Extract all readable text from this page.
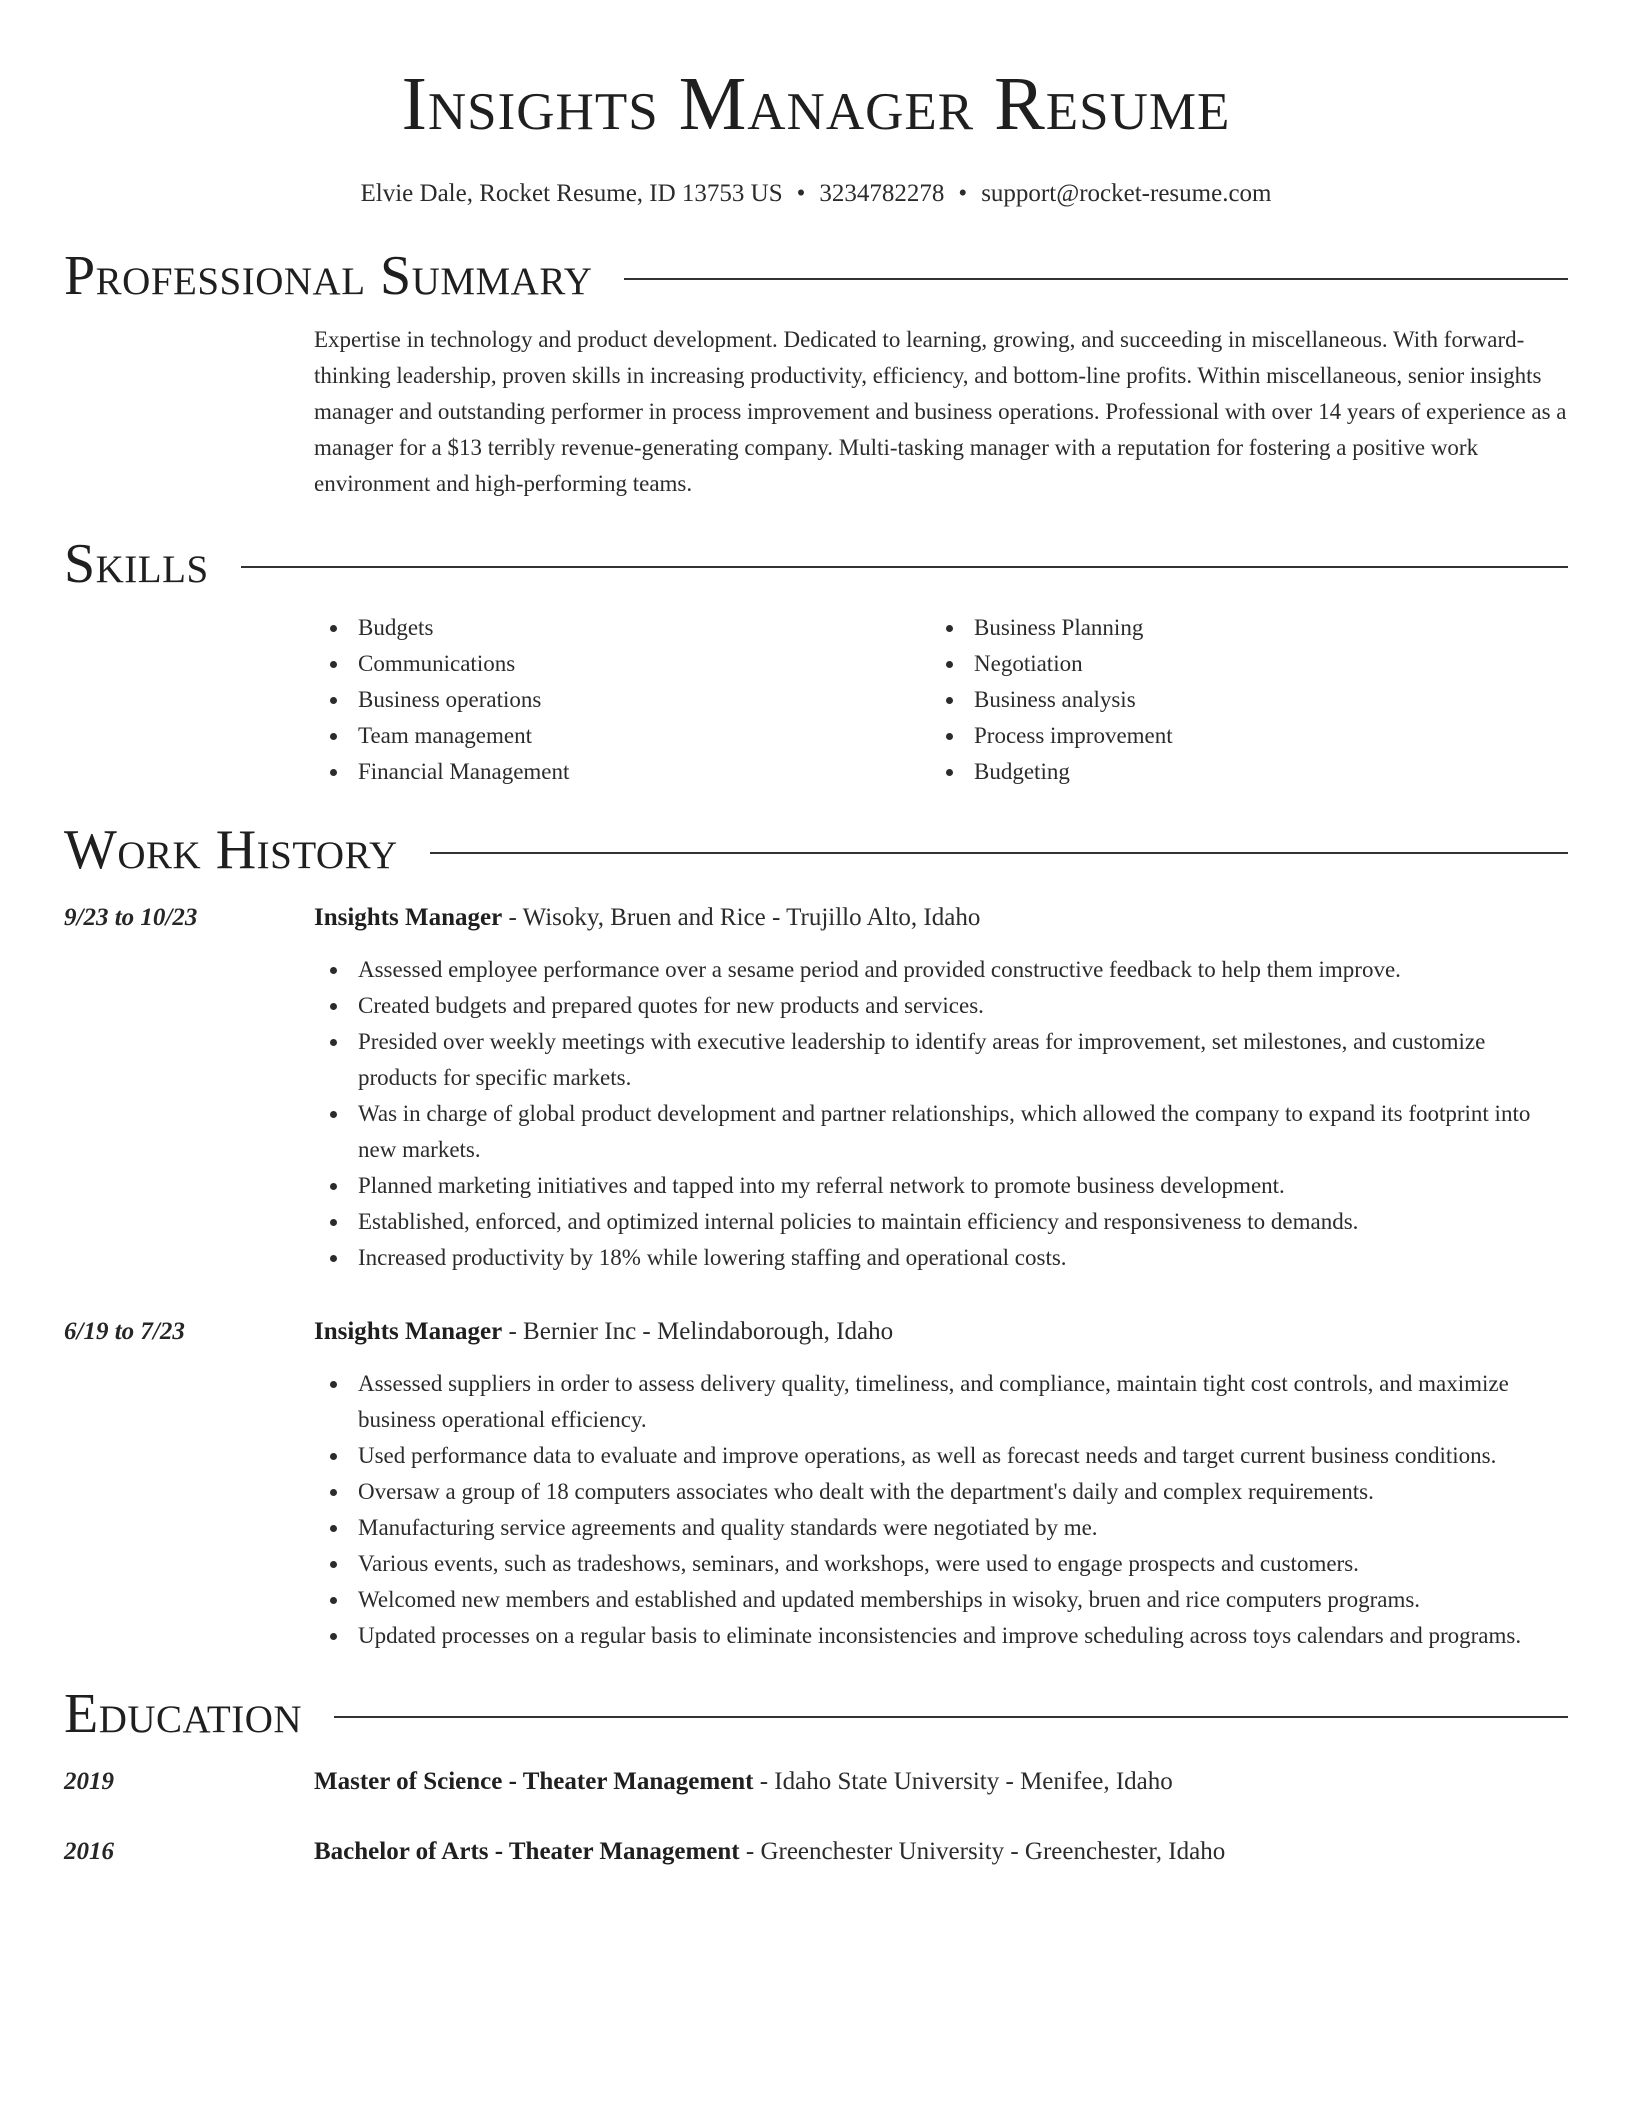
Insights Manager Resume
Elvie Dale, Rocket Resume, ID 13753 US • 3234782278 • support@rocket-resume.com
Professional Summary

Expertise in technology and product development. Dedicated to learning, growing, and succeeding in miscellaneous. With forward-thinking leadership, proven skills in increasing productivity, efficiency, and bottom-line profits. Within miscellaneous, senior insights manager and outstanding performer in process improvement and business operations. Professional with over 14 years of experience as a manager for a $13 terribly revenue-generating company. Multi-tasking manager with a reputation for fostering a positive work environment and high-performing teams.

Skills
Budgets
Communications
Business operations
Team management
Financial Management
Business Planning
Negotiation
Business analysis
Process improvement
Budgeting
Work History
9/23 to 10/23	Insights Manager - Wisoky, Bruen and Rice - Trujillo Alto, Idaho
Assessed employee performance over a sesame period and provided constructive feedback to help them improve.
Created budgets and prepared quotes for new products and services.
Presided over weekly meetings with executive leadership to identify areas for improvement, set milestones, and customize products for specific markets.
Was in charge of global product development and partner relationships, which allowed the company to expand its footprint into new markets.
Planned marketing initiatives and tapped into my referral network to promote business development.
Established, enforced, and optimized internal policies to maintain efficiency and responsiveness to demands.
Increased productivity by 18% while lowering staffing and operational costs.
6/19 to 7/23	Insights Manager - Bernier Inc - Melindaborough, Idaho
Assessed suppliers in order to assess delivery quality, timeliness, and compliance, maintain tight cost controls, and maximize business operational efficiency.
Used performance data to evaluate and improve operations, as well as forecast needs and target current business conditions.
Oversaw a group of 18 computers associates who dealt with the department's daily and complex requirements.
Manufacturing service agreements and quality standards were negotiated by me.
Various events, such as tradeshows, seminars, and workshops, were used to engage prospects and customers.
Welcomed new members and established and updated memberships in wisoky, bruen and rice computers programs.
Updated processes on a regular basis to eliminate inconsistencies and improve scheduling across toys calendars and programs.
Education
2019	Master of Science - Theater Management - Idaho State University - Menifee, Idaho
2016	Bachelor of Arts - Theater Management - Greenchester University - Greenchester, Idaho
